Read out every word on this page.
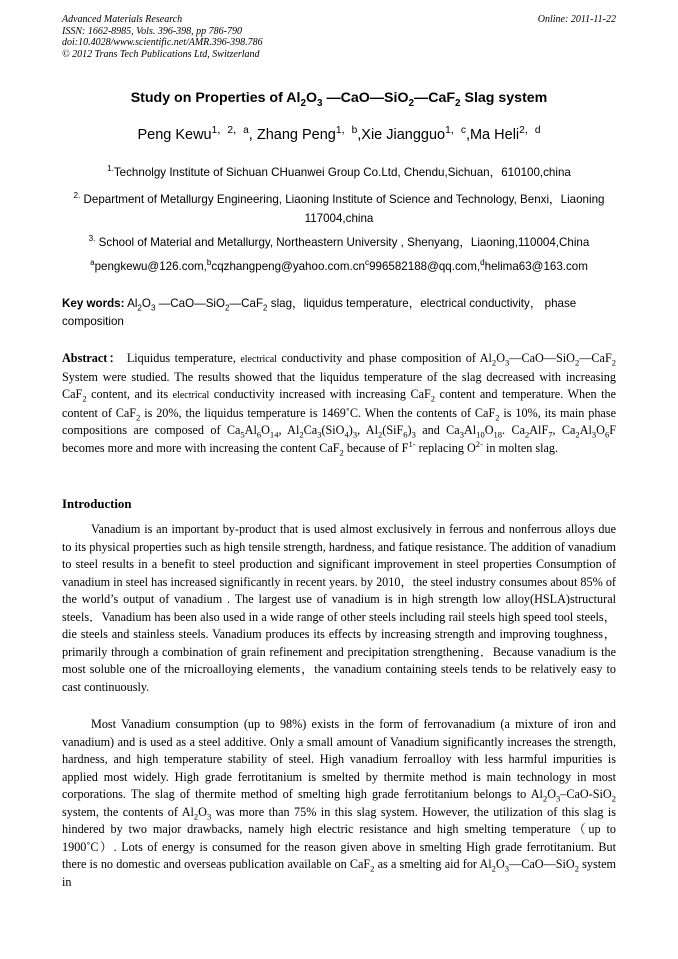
Advanced Materials Research
ISSN: 1662-8985, Vols. 396-398, pp 786-790
doi:10.4028/www.scientific.net/AMR.396-398.786
© 2012 Trans Tech Publications Ltd, Switzerland
Online: 2011-11-22
Study on Properties of $Al_2O_3$ —CaO—SiO$_2$—CaF$_2$ Slag system
Peng Kewu$^{1,2,a}$, Zhang Peng$^{1,b}$,Xie Jiangguo$^{1,c}$,Ma Heli$^{2,d}$
$^{1.}$Technolgy Institute of Sichuan CHuanwei Group Co.Ltd, Chendu,Sichuan，610100,china
$^{2.}$ Department of Metallurgy Engineering, Liaoning Institute of Science and Technology, Benxi，Liaoning 117004,china
$^{3.}$ School of Material and Metallurgy, Northeastern University , Shenyang，Liaoning,110004,China
$^apengkewu@126.com,^bcqzhangpeng@yahoo.com.cn^c996582188@qq.com,^dhelima63@163.com$
Key words: $Al_2O_3$ —CaO—SiO$_2$—CaF$_2$ slag，liquidus temperature，electrical conductivity， phase composition
Abstract： Liquidus temperature, electrical conductivity and phase composition of $Al_2O_3—CaO—SiO_2—CaF_2$ System were studied. The results showed that the liquidus temperature of the slag decreased with increasing CaF$_2$ content, and its electrical conductivity increased with increasing CaF$_2$ content and temperature. When the content of CaF$_2$ is 20%, the liquidus temperature is 1469˚C. When the contents of CaF$_2$ is 10%, its main phase compositions are composed of $Ca_5Al_6O_{14}$, $Al_2Ca_3(SiO_4)_3$, $Al_2(SiF_6)_3$ and $Ca_3Al_{10}O_{18}$. $Ca_2AlF_7$, $Ca_2Al_3O_6F$ becomes more and more with increasing the content CaF$_2$ because of $F^{1-}$ replacing $O^{2-}$ in molten slag.
Introduction
Vanadium is an important by-product that is used almost exclusively in ferrous and nonferrous alloys due to its physical properties such as high tensile strength, hardness, and fatique resistance. The addition of vanadium to steel results in a benefit to steel production and significant improvement in steel properties Consumption of vanadium in steel has increased significantly in recent years. by 2010，the steel industry consumes about 85% of the world’s output of vanadium . The largest use of vanadium is in high strength low alloy(HSLA)structural steels．Vanadium has been also used in a wide range of other steels including rail steels high speed tool steels，die steels and stainless steels. Vanadium produces its effects by increasing strength and improving toughness，primarily through a combination of grain refinement and precipitation strengthening．Because vanadium is the most soluble one of the rnicroalloying elements，the vanadium containing steels tends to be relatively easy to cast continuously.
Most Vanadium consumption (up to 98%) exists in the form of ferrovanadium (a mixture of iron and vanadium) and is used as a steel additive. Only a small amount of Vanadium significantly increases the strength, hardness, and high temperature stability of steel. High vanadium ferroalloy with less harmful impurities is applied most widely. High grade ferrotitanium is smelted by thermite method is main technology in most corporations. The slag of thermite method of smelting high grade ferrotitanium belongs to $Al_2O_3-CaO-SiO_2$ system, the contents of $Al_2O_3$ was more than 75% in this slag system. However, the utilization of this slag is hindered by two major drawbacks, namely high electric resistance and high smelting temperature（up to 1900˚C）. Lots of energy is consumed for the reason given above in smelting High grade ferrotitanium. But there is no domestic and overseas publication available on CaF$_2$ as a smelting aid for $Al_2O_3—CaO—SiO_2$ system in
